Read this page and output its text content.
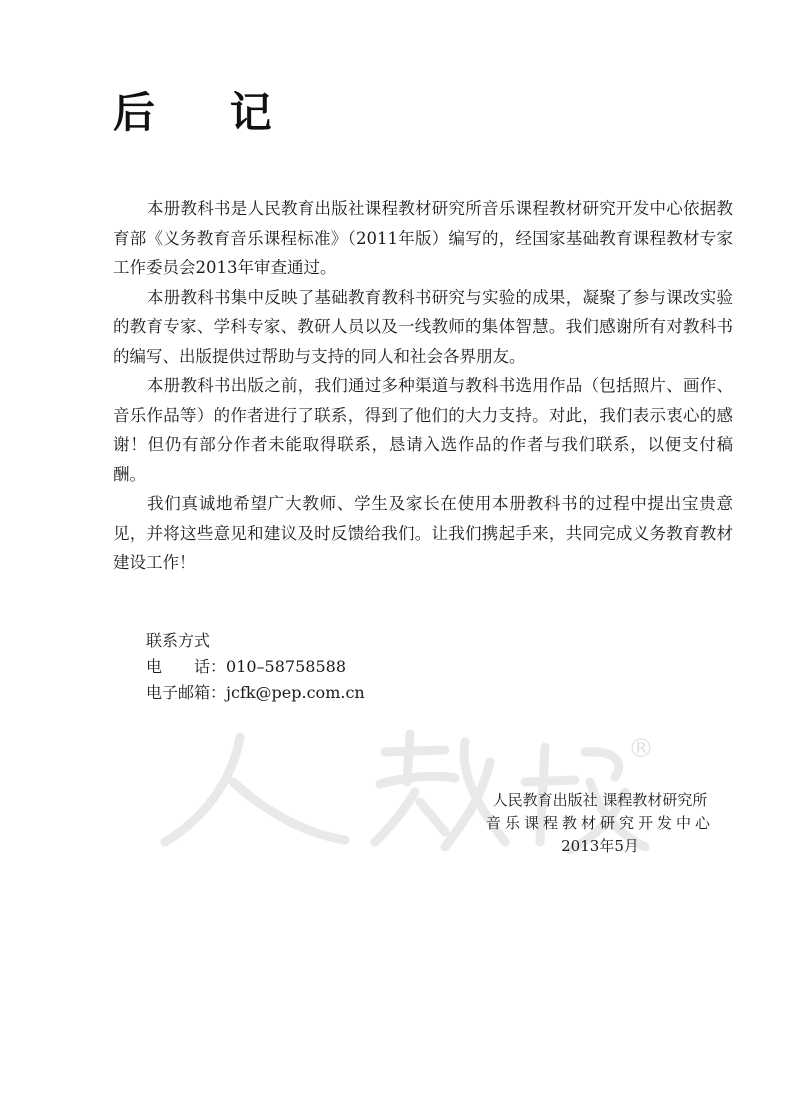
后 记

本册教科书是人民教育出版社课程教材研究所音乐课程教材研究开发中心依据教育部《义务教育音乐课程标准》（2011年版）编写的，经国家基础教育课程教材专家工作委员会2013年审查通过。

本册教科书集中反映了基础教育教科书研究与实验的成果，凝聚了参与课改实验的教育专家、学科专家、教研人员以及一线教师的集体智慧。我们感谢所有对教科书的编写、出版提供过帮助与支持的同人和社会各界朋友。

本册教科书出版之前，我们通过多种渠道与教科书选用作品（包括照片、画作、音乐作品等）的作者进行了联系，得到了他们的大力支持。对此，我们表示衷心的感谢！但仍有部分作者未能取得联系，恳请入选作品的作者与我们联系，以便支付稿酬。

我们真诚地希望广大教师、学生及家长在使用本册教科书的过程中提出宝贵意见，并将这些意见和建议及时反馈给我们。让我们携起手来，共同完成义务教育教材建设工作！

联系方式
电　　话：010–58758588
电子邮箱：jcfk@pep.com.cn
®
人民教育出版社 课程教材研究所
音乐课程教材研究开发中心
2013年5月
